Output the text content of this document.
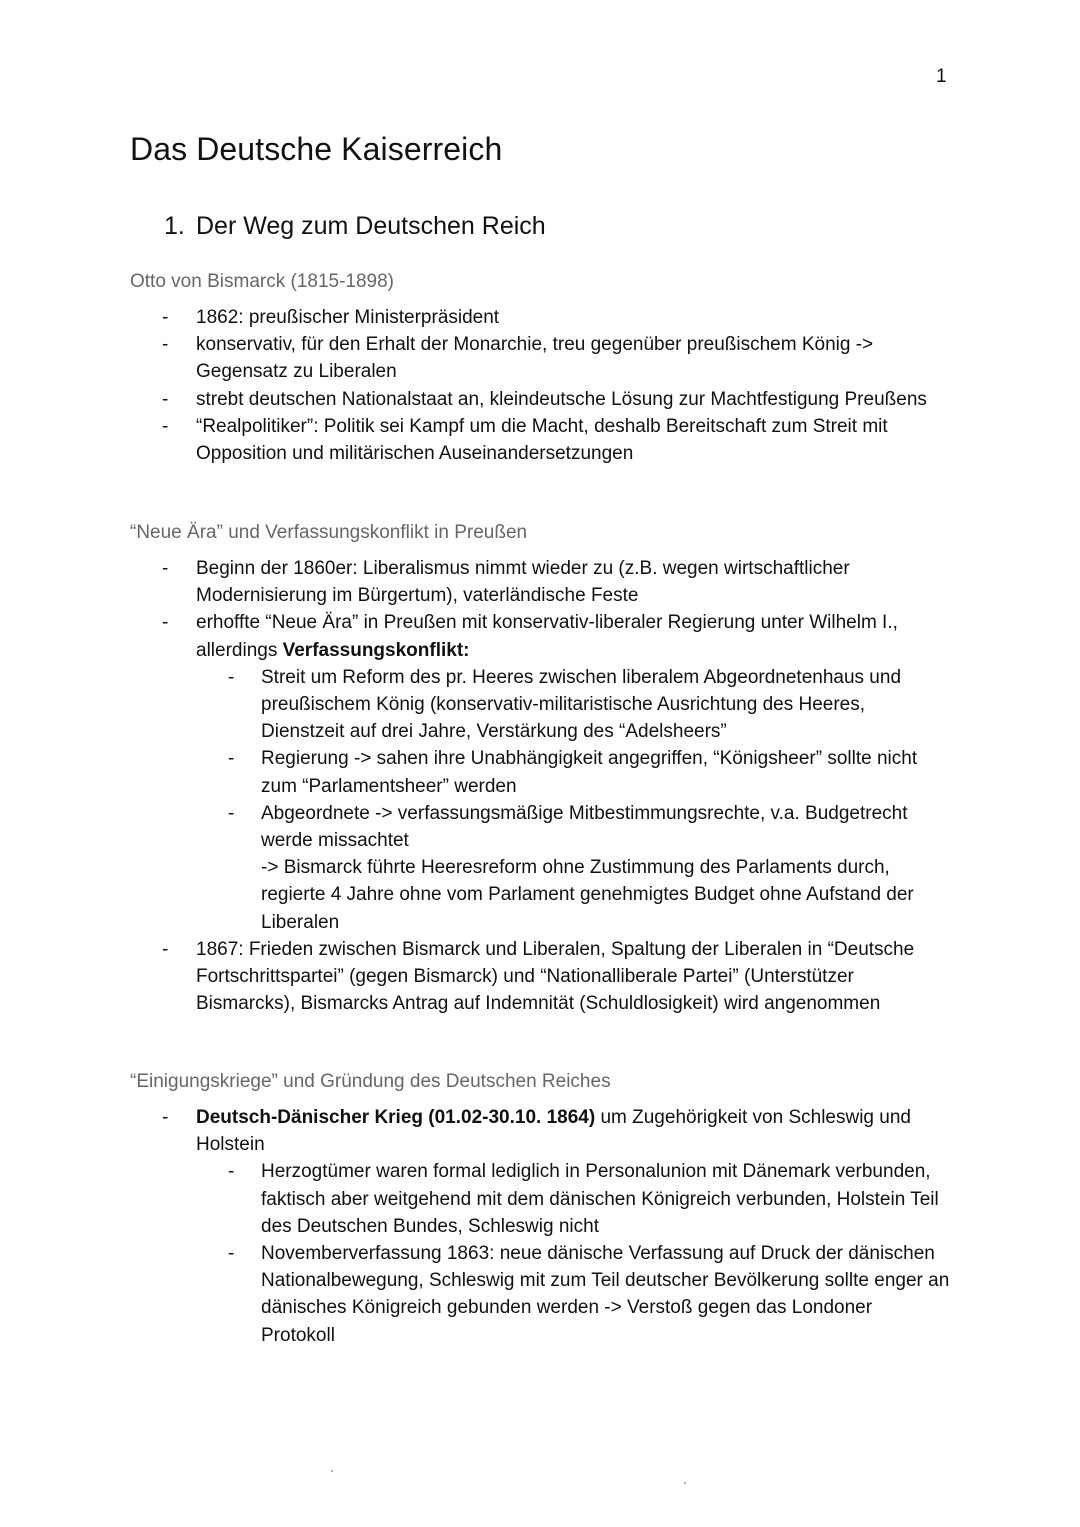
1
Das Deutsche Kaiserreich
1. Der Weg zum Deutschen Reich
Otto von Bismarck (1815-1898)
- 1862: preußischer Ministerpräsident
- konservativ, für den Erhalt der Monarchie, treu gegenüber preußischem König -> Gegensatz zu Liberalen
- strebt deutschen Nationalstaat an, kleindeutsche Lösung zur Machtfestigung Preußens
- “Realpolitiker”: Politik sei Kampf um die Macht, deshalb Bereitschaft zum Streit mit Opposition und militärischen Auseinandersetzungen
“Neue Ära” und Verfassungskonflikt in Preußen
- Beginn der 1860er: Liberalismus nimmt wieder zu (z.B. wegen wirtschaftlicher Modernisierung im Bürgertum), vaterländische Feste
- erhoffte “Neue Ära” in Preußen mit konservativ-liberaler Regierung unter Wilhelm I., allerdings Verfassungskonflikt:
- Streit um Reform des pr. Heeres zwischen liberalem Abgeordnetenhaus und preußischem König (konservativ-militaristische Ausrichtung des Heeres, Dienstzeit auf drei Jahre, Verstärkung des “Adelsheers”
- Regierung -> sahen ihre Unabhängigkeit angegriffen, “Königsheer” sollte nicht zum “Parlamentsheer” werden
- Abgeordnete -> verfassungsmäßige Mitbestimmungsrechte, v.a. Budgetrecht werde missachtet
-> Bismarck führte Heeresreform ohne Zustimmung des Parlaments durch, regierte 4 Jahre ohne vom Parlament genehmigtes Budget ohne Aufstand der Liberalen
- 1867: Frieden zwischen Bismarck und Liberalen, Spaltung der Liberalen in “Deutsche Fortschrittspartei” (gegen Bismarck) und “Nationalliberale Partei” (Unterstützer Bismarcks), Bismarcks Antrag auf Indemnität (Schuldlosigkeit) wird angenommen
“Einigungskriege” und Gründung des Deutschen Reiches
- Deutsch-Dänischer Krieg (01.02-30.10. 1864) um Zugehörigkeit von Schleswig und Holstein
- Herzogtümer waren formal lediglich in Personalunion mit Dänemark verbunden, faktisch aber weitgehend mit dem dänischen Königreich verbunden, Holstein Teil des Deutschen Bundes, Schleswig nicht
- Novemberverfassung 1863: neue dänische Verfassung auf Druck der dänischen Nationalbewegung, Schleswig mit zum Teil deutscher Bevölkerung sollte enger an dänisches Königreich gebunden werden -> Verstoß gegen das Londoner Protokoll
